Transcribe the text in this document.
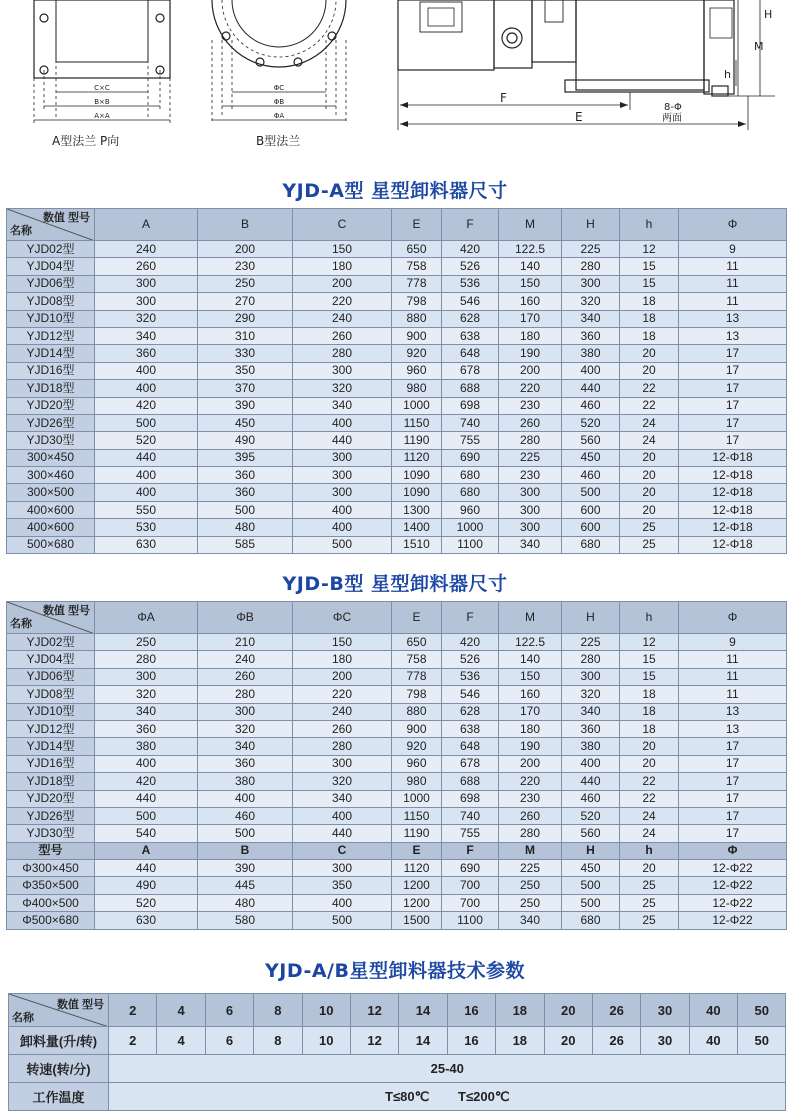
C×C
B×B
A×A
ΦC
ΦB
ΦA
F
E
8-Φ
两面
M
H
h
A型法兰 P向	B型法兰
YJD-A型 星型卸料器尺寸
数值 型号
名称	A	B	C	E	F	M	H	h	Φ
YJD02型	240	200	150	650	420	122.5	225	12	9
YJD04型	260	230	180	758	526	140	280	15	11
YJD06型	300	250	200	778	536	150	300	15	11
YJD08型	300	270	220	798	546	160	320	18	11
YJD10型	320	290	240	880	628	170	340	18	13
YJD12型	340	310	260	900	638	180	360	18	13
YJD14型	360	330	280	920	648	190	380	20	17
YJD16型	400	350	300	960	678	200	400	20	17
YJD18型	400	370	320	980	688	220	440	22	17
YJD20型	420	390	340	1000	698	230	460	22	17
YJD26型	500	450	400	1150	740	260	520	24	17
YJD30型	520	490	440	1190	755	280	560	24	17
300×450	440	395	300	1120	690	225	450	20	12-Φ18
300×460	400	360	300	1090	680	230	460	20	12-Φ18
300×500	400	360	300	1090	680	300	500	20	12-Φ18
400×600	550	500	400	1300	960	300	600	20	12-Φ18
400×600	530	480	400	1400	1000	300	600	25	12-Φ18
500×680	630	585	500	1510	1100	340	680	25	12-Φ18
YJD-B型 星型卸料器尺寸
数值 型号
名称	ΦA	ΦB	ΦC	E	F	M	H	h	Φ
YJD02型	250	210	150	650	420	122.5	225	12	9
YJD04型	280	240	180	758	526	140	280	15	11
YJD06型	300	260	200	778	536	150	300	15	11
YJD08型	320	280	220	798	546	160	320	18	11
YJD10型	340	300	240	880	628	170	340	18	13
YJD12型	360	320	260	900	638	180	360	18	13
YJD14型	380	340	280	920	648	190	380	20	17
YJD16型	400	360	300	960	678	200	400	20	17
YJD18型	420	380	320	980	688	220	440	22	17
YJD20型	440	400	340	1000	698	230	460	22	17
YJD26型	500	460	400	1150	740	260	520	24	17
YJD30型	540	500	440	1190	755	280	560	24	17
型号	A	B	C	E	F	M	H	h	Φ
Φ300×450	440	390	300	1120	690	225	450	20	12-Φ22
Φ350×500	490	445	350	1200	700	250	500	25	12-Φ22
Φ400×500	520	480	400	1200	700	250	500	25	12-Φ22
Φ500×680	630	580	500	1500	1100	340	680	25	12-Φ22
YJD-A/B星型卸料器技术参数
数值 型号
名称	2	4	6	8	10	12	14	16	18	20	26	30	40	50
卸料量(升/转)	2	4	6	8	10	12	14	16	18	20	26	30	40	50
转速(转/分)	25-40													
工作温度	T≤80℃        T≤200℃													
